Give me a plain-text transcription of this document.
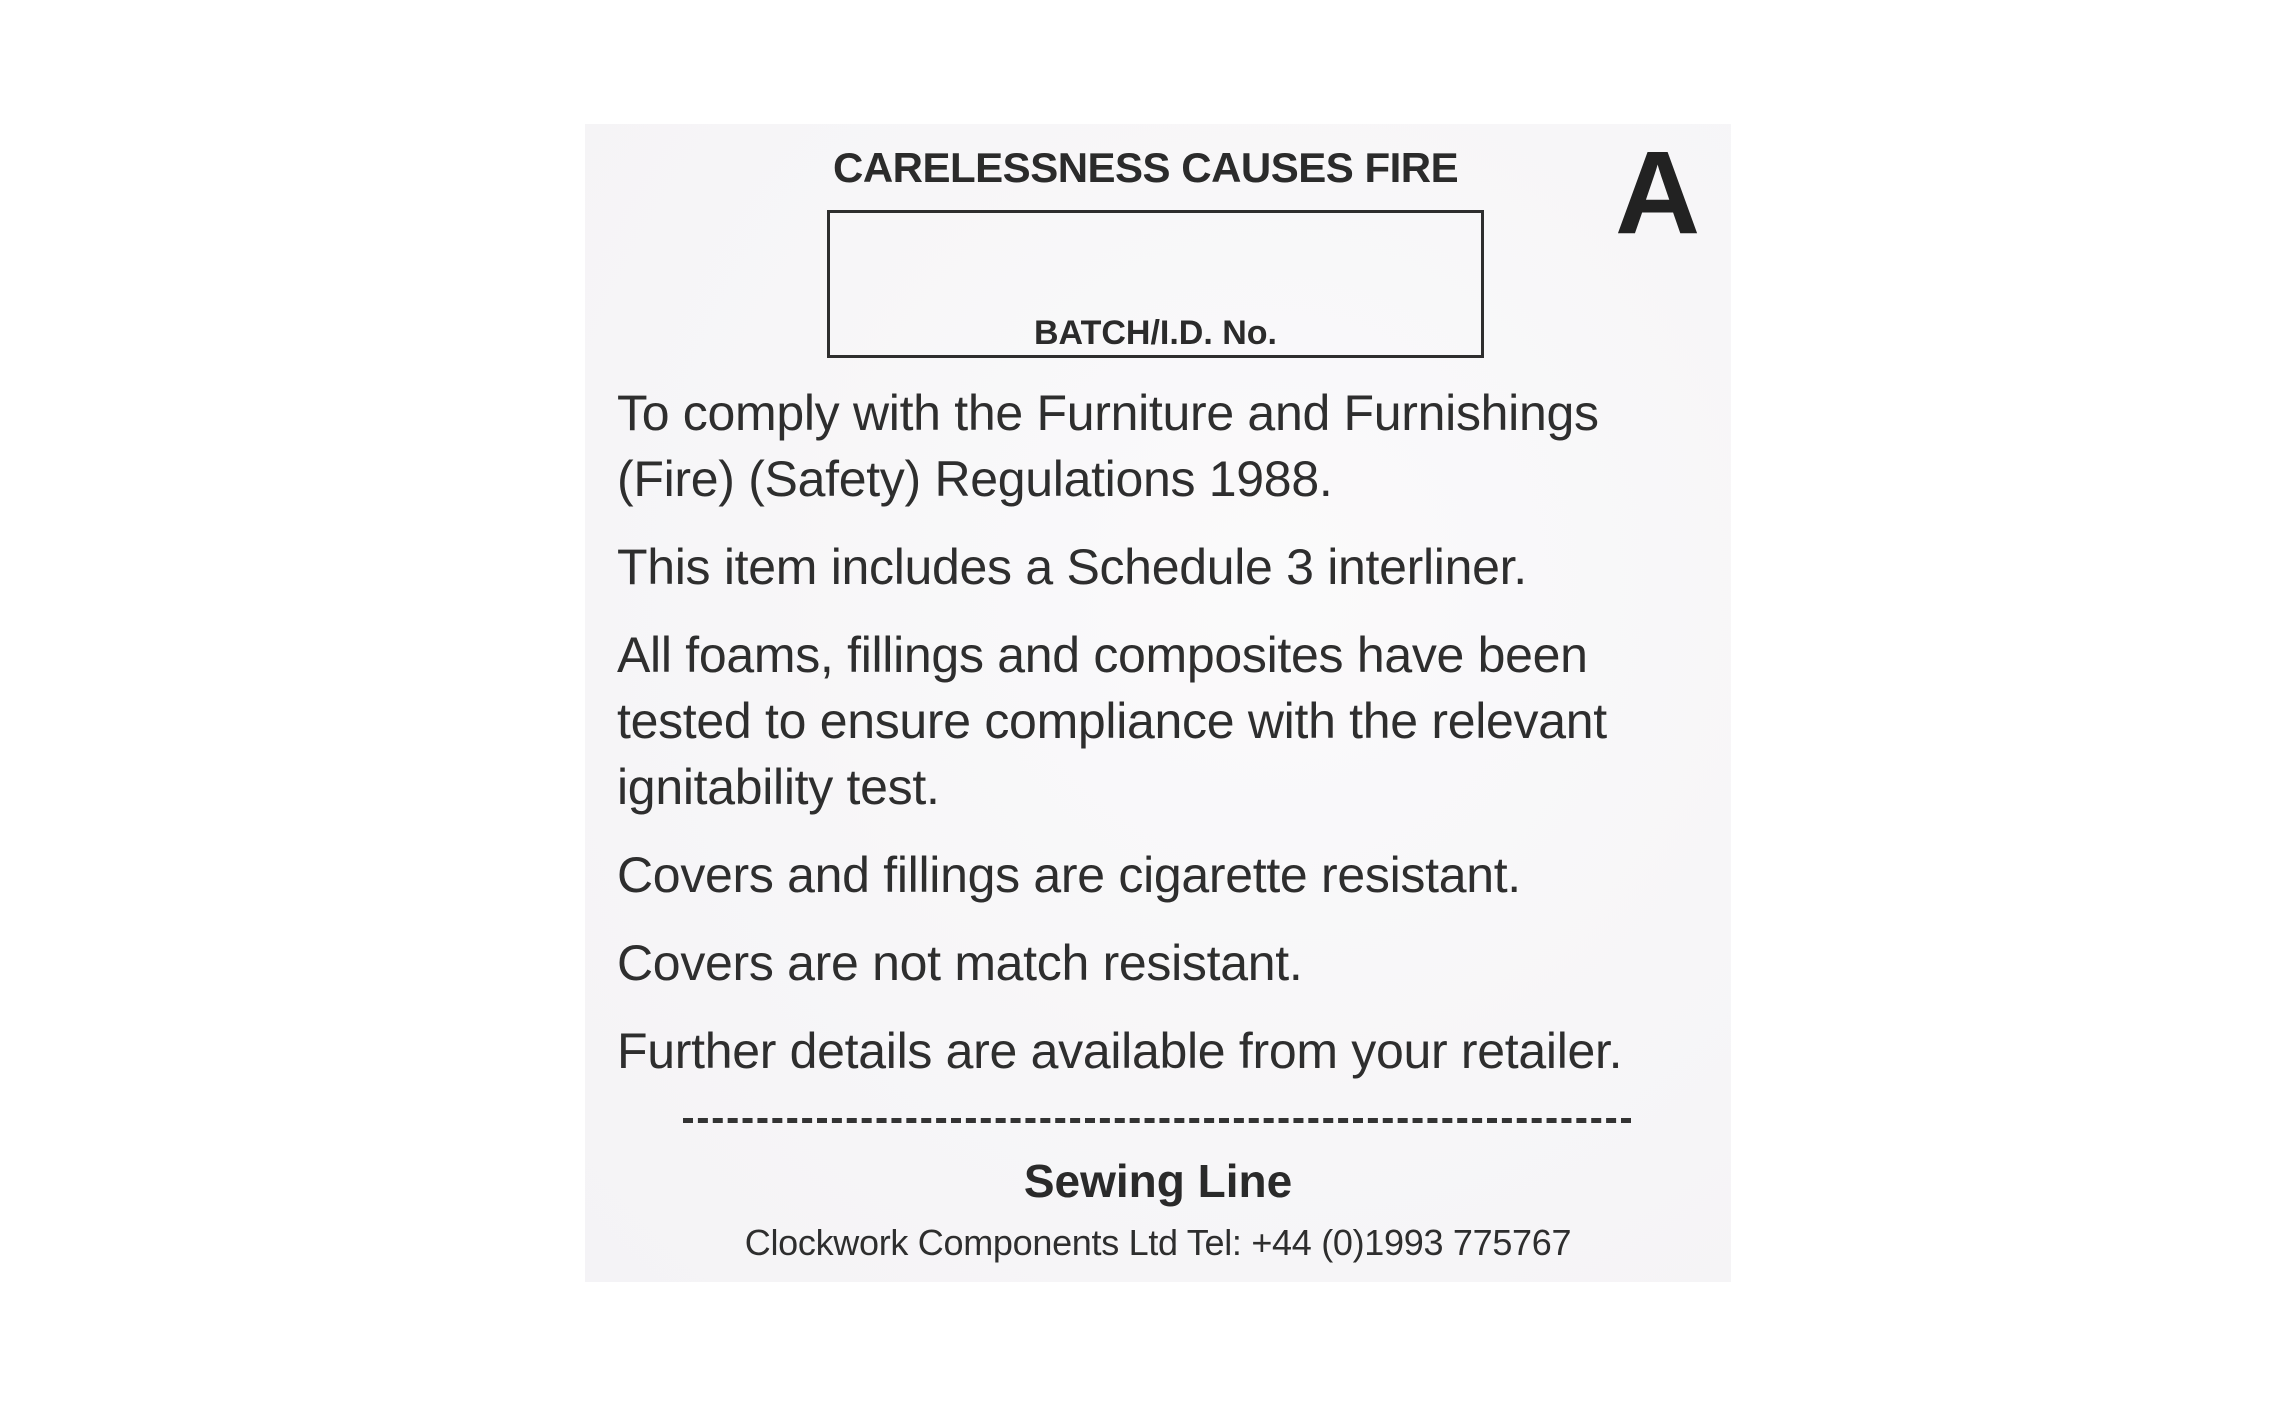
CARELESSNESS CAUSES FIRE A
BATCH/I.D. No.
To comply with the Furniture and Furnishings (Fire) (Safety) Regulations 1988.
This item includes a Schedule 3 interliner.
All foams, fillings and composites have been tested to ensure compliance with the relevant ignitability test.
Covers and fillings are cigarette resistant.
Covers are not match resistant.
Further details are available from your retailer.
Sewing Line
Clockwork Components Ltd Tel: +44 (0)1993 775767
